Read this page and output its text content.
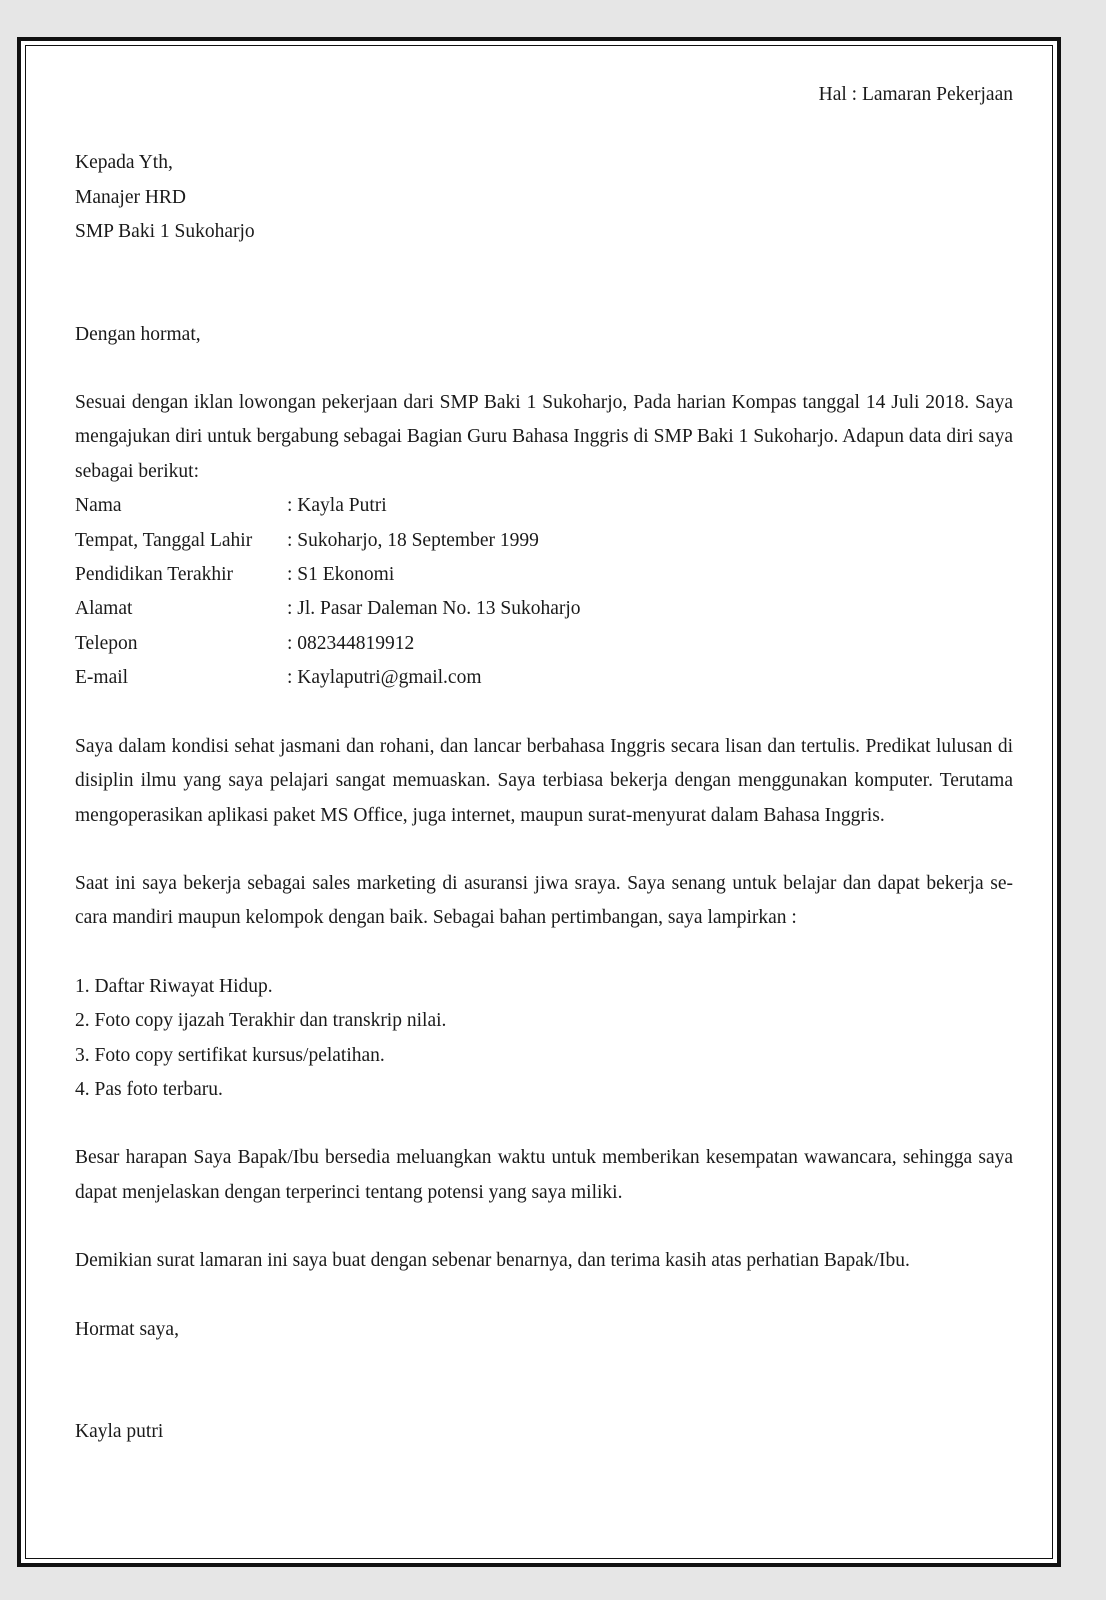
Hal : Lamaran Pekerjaan
Kepada Yth,
Manajer HRD
SMP Baki 1 Sukoharjo
Dengan hormat,

Sesuai dengan iklan lowongan pekerjaan dari SMP Baki 1 Sukoharjo, Pada harian Kompas tanggal 14 Juli 2018. Saya mengajukan diri untuk bergabung sebagai Bagian Guru Bahasa Inggris di SMP Baki 1 Sukoharjo. Adapun data diri saya sebagai berikut:

Nama	: Kayla Putri
Tempat, Tanggal Lahir	: Sukoharjo, 18 September 1999
Pendidikan Terakhir	: S1 Ekonomi
Alamat	: Jl. Pasar Daleman No. 13 Sukoharjo
Telepon	: 082344819912
E-mail	: Kaylaputri@gmail.com

Saya dalam kondisi sehat jasmani dan rohani, dan lancar berbahasa Inggris secara lisan dan tertulis. Predikat lulusan di disiplin ilmu yang saya pelajari sangat memuaskan. Saya terbiasa bekerja dengan menggunakan komputer. Terutama mengoperasikan aplikasi paket MS Office, juga internet, maupun surat-menyurat dalam Bahasa Inggris.

Saat ini saya bekerja sebagai sales marketing di asuransi jiwa sraya. Saya senang untuk belajar dan dapat bekerja se-cara mandiri maupun kelompok dengan baik. Sebagai bahan pertimbangan, saya lampirkan :

1. Daftar Riwayat Hidup.
2. Foto copy ijazah Terakhir dan transkrip nilai.
3. Foto copy sertifikat kursus/pelatihan.
4. Pas foto terbaru.

Besar harapan Saya Bapak/Ibu bersedia meluangkan waktu untuk memberikan kesempatan wawancara, sehingga saya dapat menjelaskan dengan terperinci tentang potensi yang saya miliki.

Demikian surat lamaran ini saya buat dengan sebenar benarnya, dan terima kasih atas perhatian Bapak/Ibu.

Hormat saya,
Kayla putri
